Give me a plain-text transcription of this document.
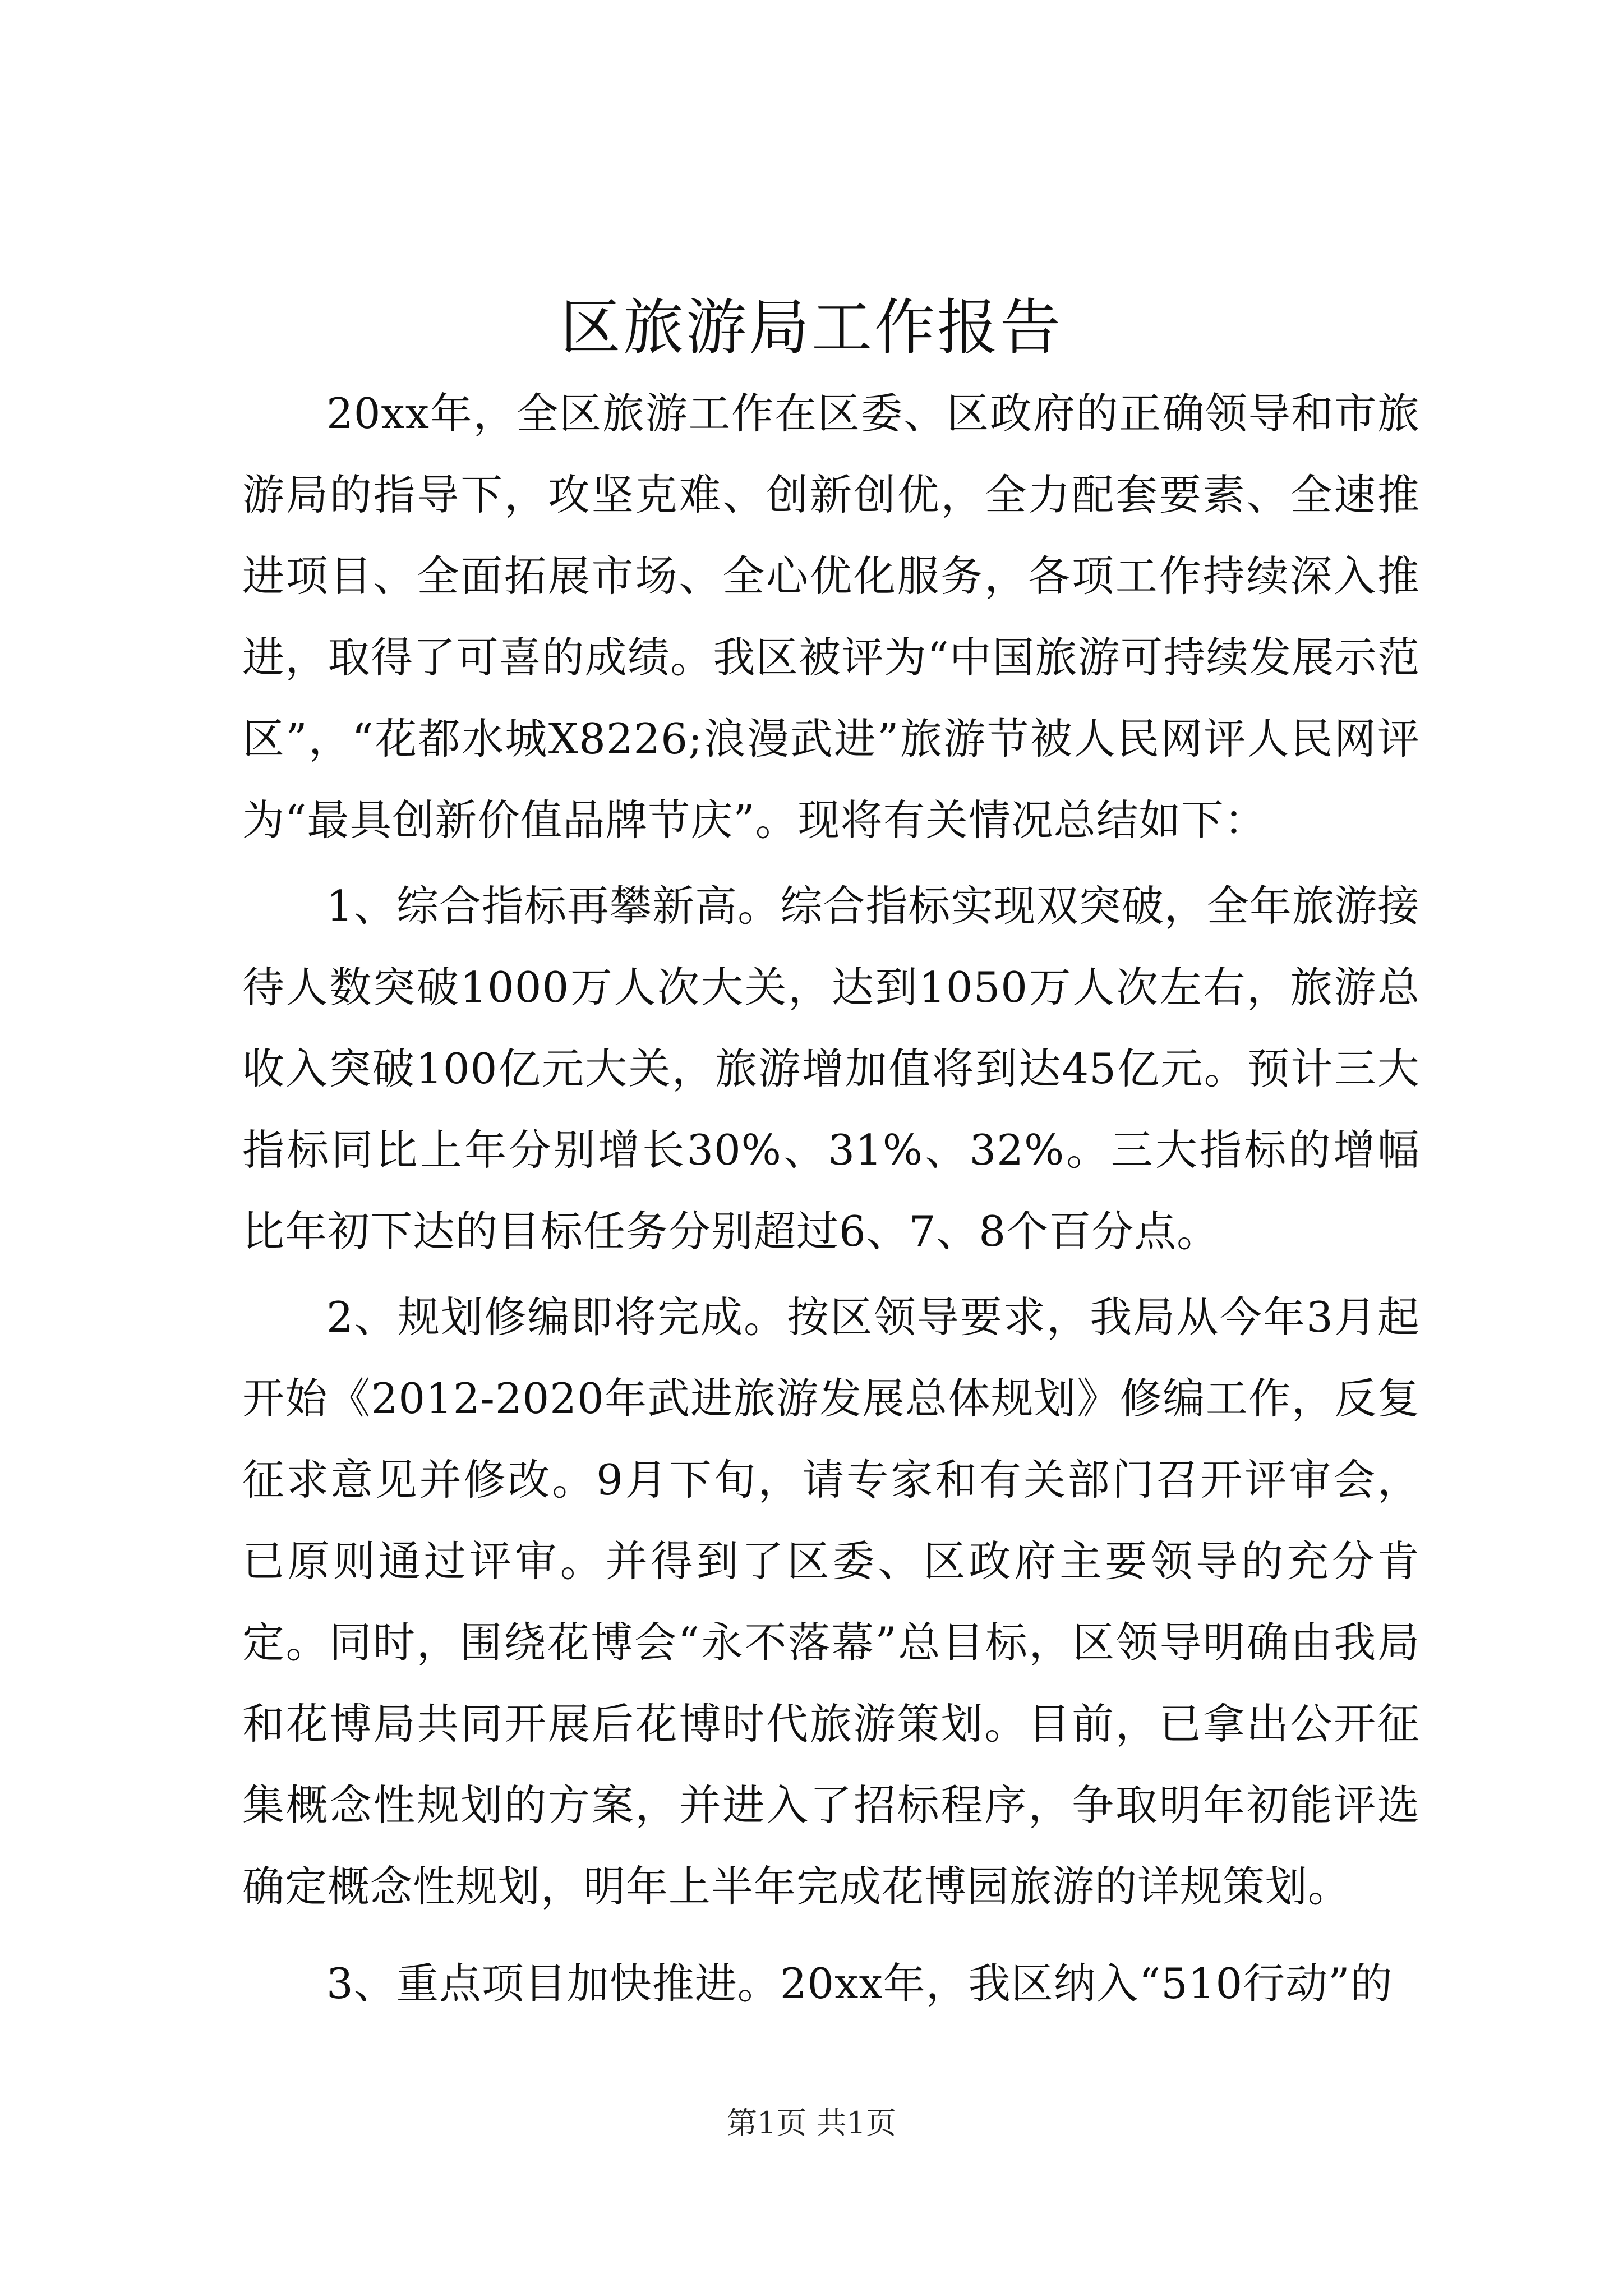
区旅游局工作报告

20xx年，全区旅游工作在区委、区政府的正确领导和市旅游局的指导下，攻坚克难、创新创优，全力配套要素、全速推进项目、全面拓展市场、全心优化服务，各项工作持续深入推进，取得了可喜的成绩。我区被评为“中国旅游可持续发展示范区”，“花都水城X8226;浪漫武进”旅游节被人民网评人民网评为“最具创新价值品牌节庆”。现将有关情况总结如下：

1、综合指标再攀新高。综合指标实现双突破，全年旅游接待人数突破1000万人次大关，达到1050万人次左右，旅游总收入突破100亿元大关，旅游增加值将到达45亿元。预计三大指标同比上年分别增长30%、31%、32%。三大指标的增幅比年初下达的目标任务分别超过6、7、8个百分点。

2、规划修编即将完成。按区领导要求，我局从今年3月起开始《2012-2020年武进旅游发展总体规划》修编工作，反复征求意见并修改。9月下旬，请专家和有关部门召开评审会，已原则通过评审。并得到了区委、区政府主要领导的充分肯定。同时，围绕花博会“永不落幕”总目标，区领导明确由我局和花博局共同开展后花博时代旅游策划。目前，已拿出公开征集概念性规划的方案，并进入了招标程序，争取明年初能评选确定概念性规划，明年上半年完成花博园旅游的详规策划。

3、重点项目加快推进。20xx年，我区纳入“510行动”的

第1页 共1页
